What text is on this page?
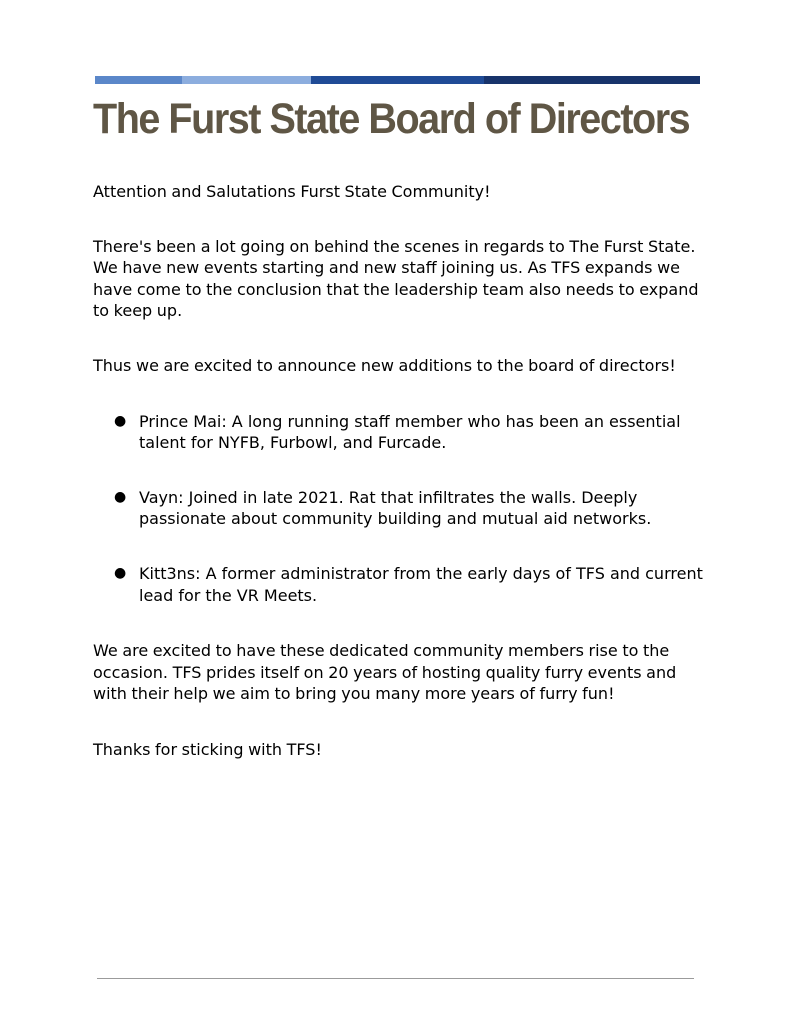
The Furst State Board of Directors

Attention and Salutations Furst State Community!

There's been a lot going on behind the scenes in regards to The Furst State. We have new events starting and new staff joining us. As TFS expands we have come to the conclusion that the leadership team also needs to expand to keep up.

Thus we are excited to announce new additions to the board of directors!

● Prince Mai: A long running staff member who has been an essential talent for NYFB, Furbowl, and Furcade.
● Vayn: Joined in late 2021. Rat that infiltrates the walls. Deeply passionate about community building and mutual aid networks.
● Kitt3ns: A former administrator from the early days of TFS and current lead for the VR Meets.

We are excited to have these dedicated community members rise to the occasion. TFS prides itself on 20 years of hosting quality furry events and with their help we aim to bring you many more years of furry fun!

Thanks for sticking with TFS!
